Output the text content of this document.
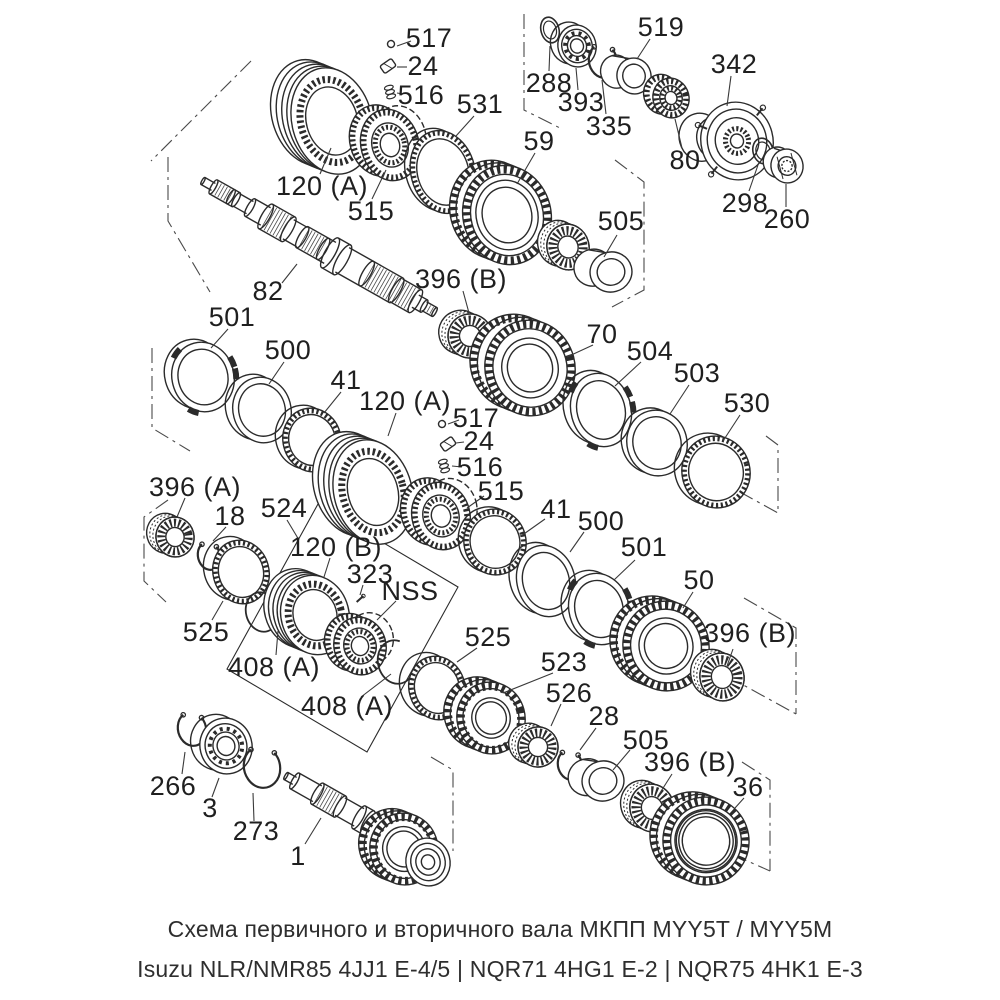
517
24
516
120 (A)
515
531
59
288
393
335
519
80
342
298
260
82
501
500
41
396 (B)
70
504
503
530
120 (A)
517
24
516
515
41 500
501
50
396 (B)
396 (A)
18 524
120 (B)
323
NSS
408 (A)
408 (A)
525	525
523
526
28
505
505
396 (B)
36
266
3
273
1
Схема первичного и вторичного вала МКПП MYY5T / MYY5M
Isuzu NLR/NMR85 4JJ1 E-4/5 | NQR71 4HG1 E-2 | NQR75 4HK1 E-3
